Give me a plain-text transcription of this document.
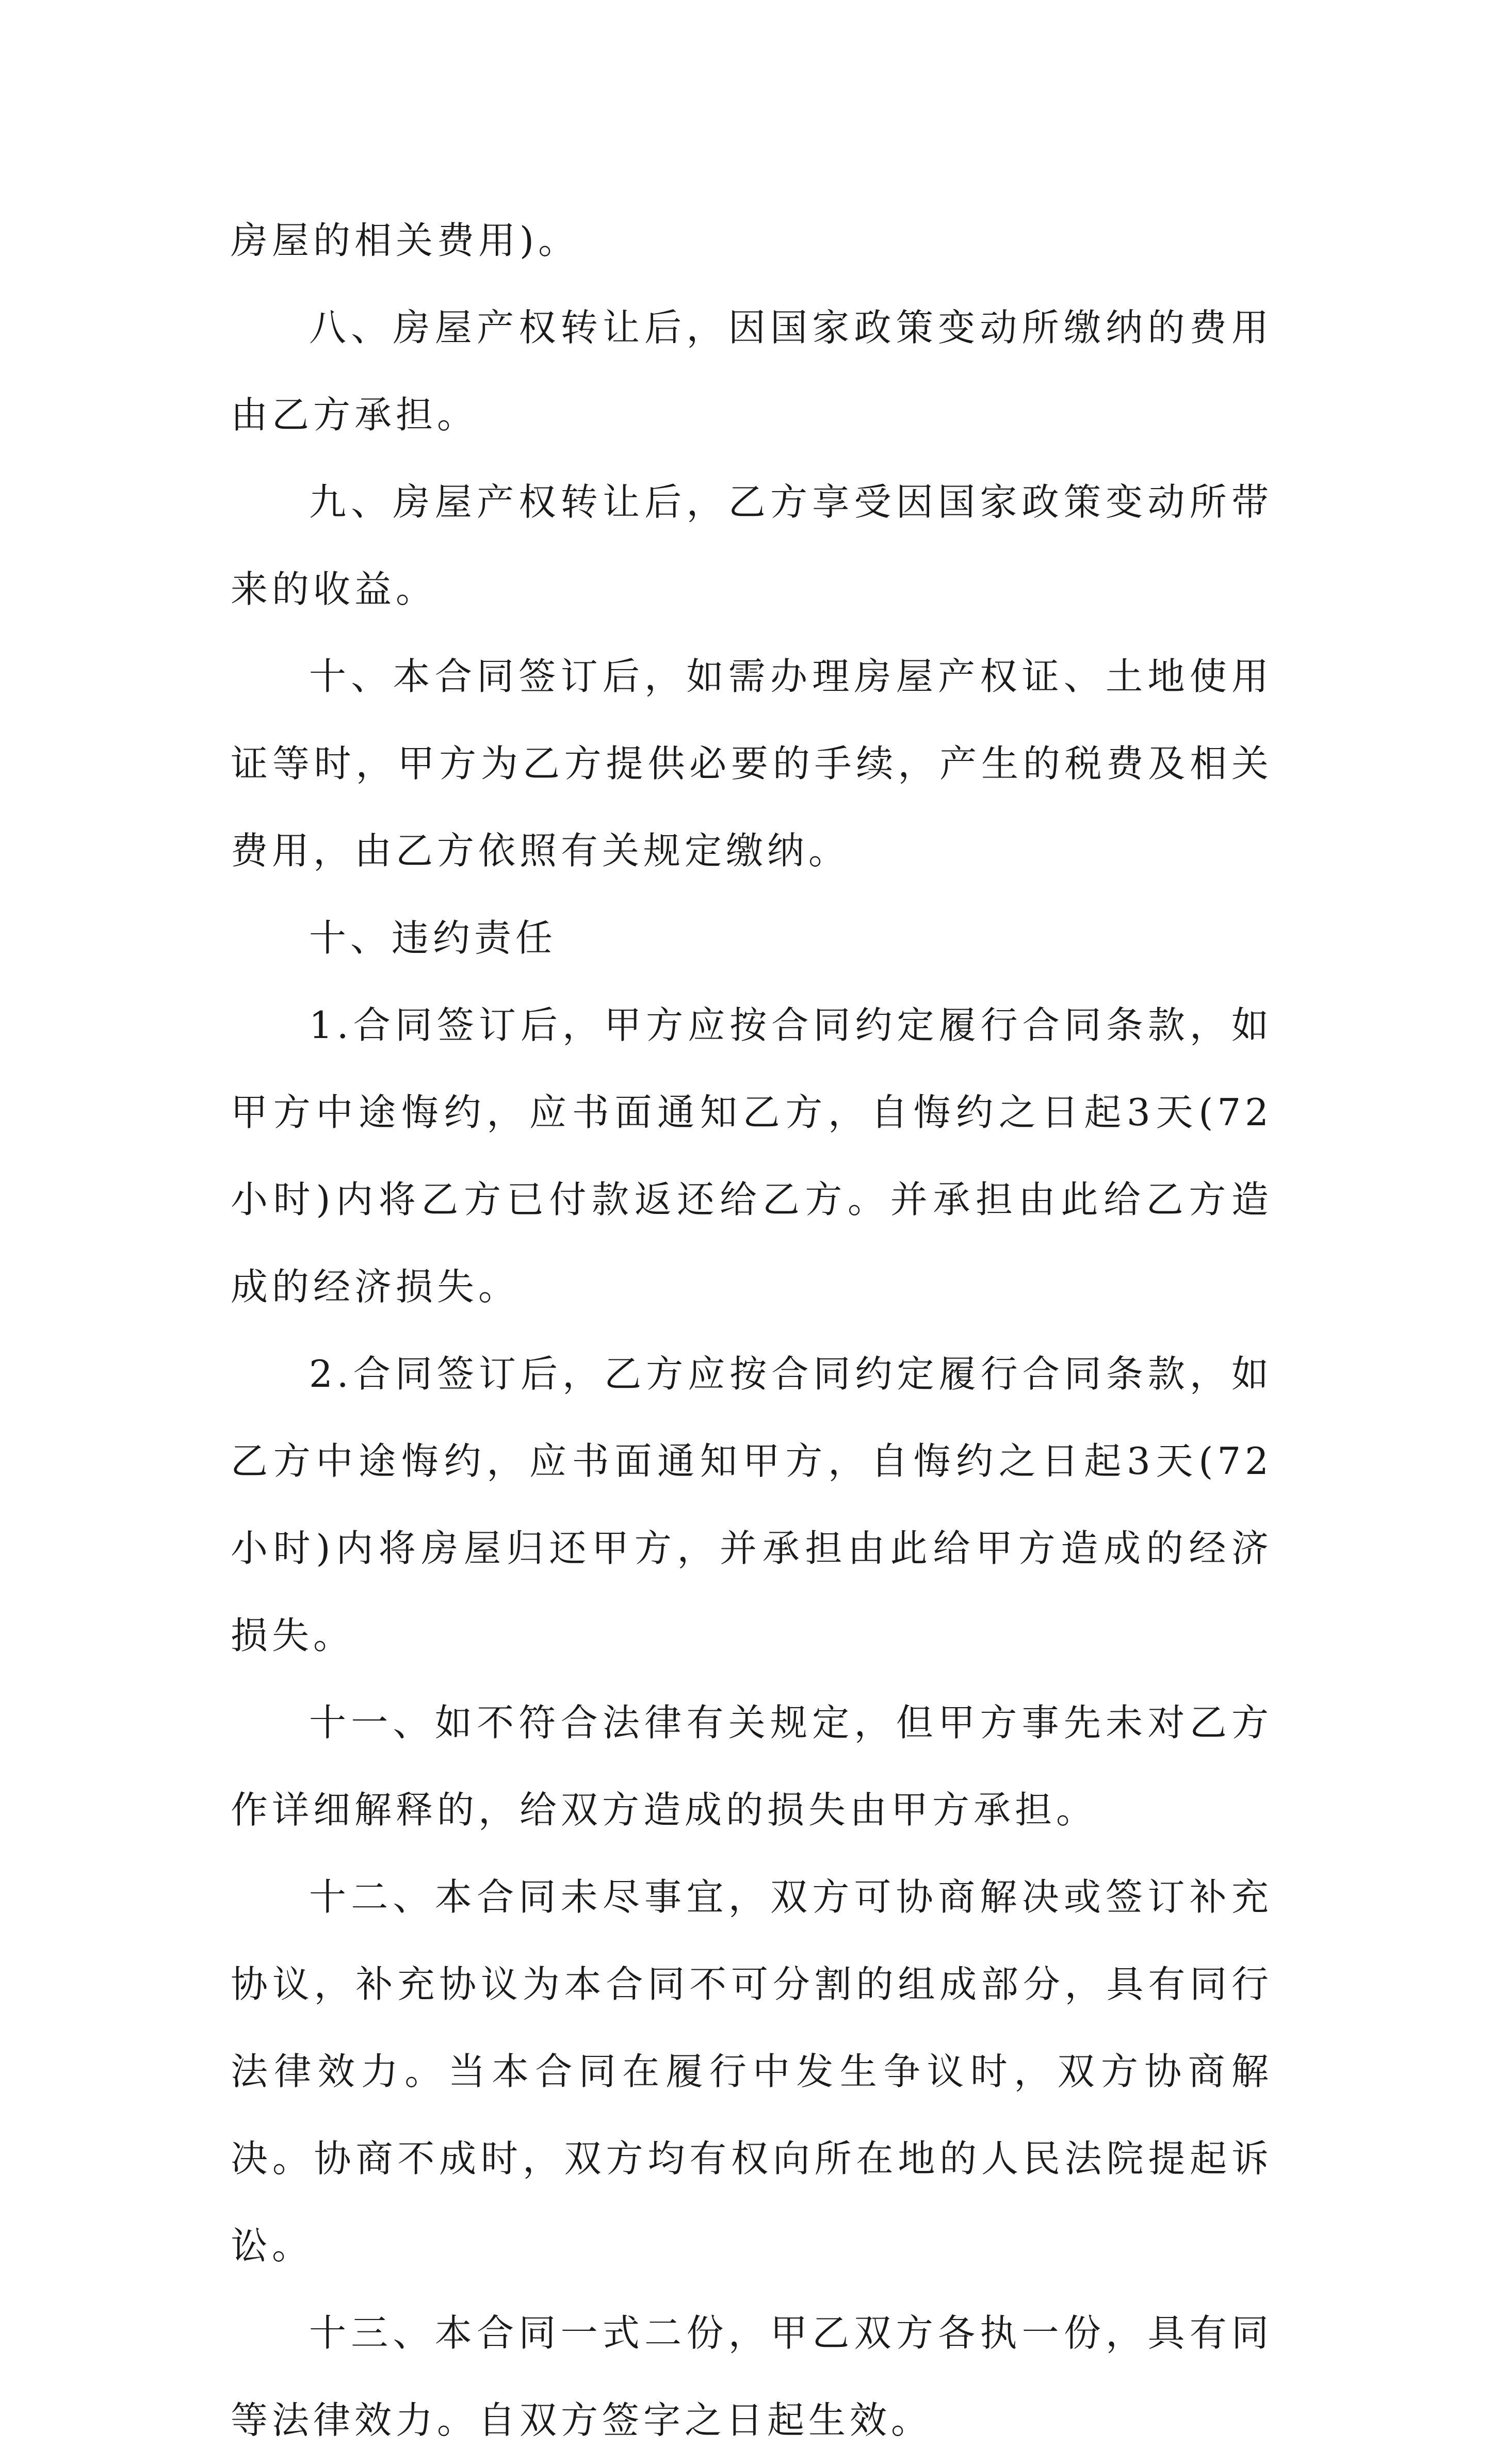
房屋的相关费用)。

八、房屋产权转让后，因国家政策变动所缴纳的费用由乙方承担。

九、房屋产权转让后，乙方享受因国家政策变动所带来的收益。

十、本合同签订后，如需办理房屋产权证、土地使用证等时，甲方为乙方提供必要的手续，产生的税费及相关费用，由乙方依照有关规定缴纳。

十、违约责任

1.合同签订后，甲方应按合同约定履行合同条款，如甲方中途悔约，应书面通知乙方，自悔约之日起3天(72小时)内将乙方已付款返还给乙方。并承担由此给乙方造成的经济损失。

2.合同签订后，乙方应按合同约定履行合同条款，如乙方中途悔约，应书面通知甲方，自悔约之日起3天(72小时)内将房屋归还甲方，并承担由此给甲方造成的经济损失。

十一、如不符合法律有关规定，但甲方事先未对乙方作详细解释的，给双方造成的损失由甲方承担。

十二、本合同未尽事宜，双方可协商解决或签订补充协议，补充协议为本合同不可分割的组成部分，具有同行法律效力。当本合同在履行中发生争议时，双方协商解决。协商不成时，双方均有权向所在地的人民法院提起诉讼。

十三、本合同一式二份，甲乙双方各执一份，具有同等法律效力。自双方签字之日起生效。
